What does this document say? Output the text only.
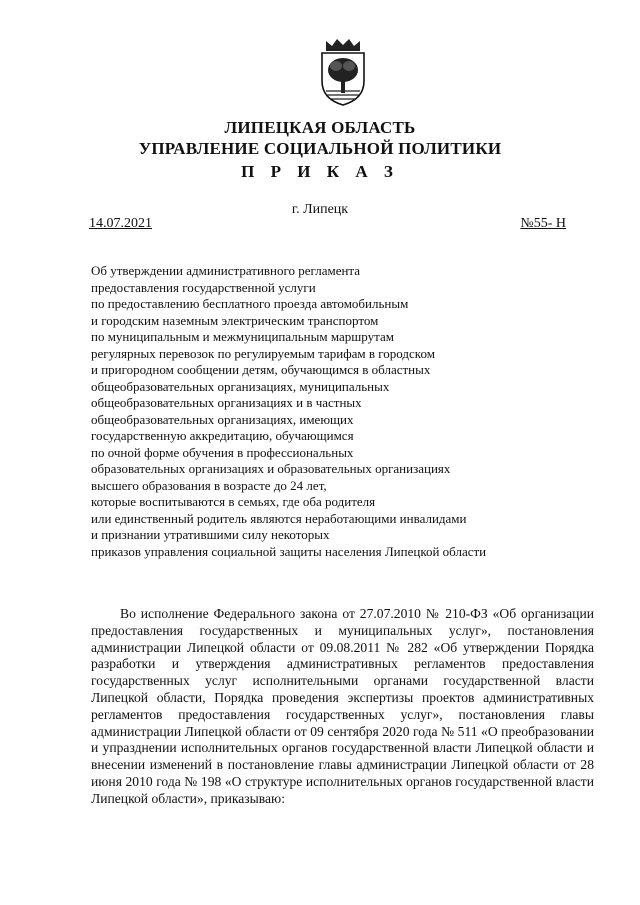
ЛИПЕЦКАЯ ОБЛАСТЬ
УПРАВЛЕНИЕ СОЦИАЛЬНОЙ ПОЛИТИКИ
П Р И К А З
г. Липецк
14.07.2021	№55- Н
Об утверждении административного регламента
предоставления государственной услуги
по предоставлению бесплатного проезда автомобильным
и городским наземным электрическим транспортом
по муниципальным и межмуниципальным маршрутам
регулярных перевозок по регулируемым тарифам в городском
и пригородном сообщении детям, обучающимся в областных
общеобразовательных организациях, муниципальных
общеобразовательных организациях и в частных
общеобразовательных организациях, имеющих
государственную аккредитацию, обучающимся
по очной форме обучения в профессиональных
образовательных организациях и образовательных организациях
высшего образования в возрасте до 24 лет,
которые воспитываются в семьях, где оба родителя
или единственный родитель являются неработающими инвалидами
и признании утратившими силу некоторых
приказов управления социальной защиты населения Липецкой области
Во исполнение Федерального закона от 27.07.2010 № 210-ФЗ «Об организации предоставления государственных и муниципальных услуг», постановления администрации Липецкой области от 09.08.2011 № 282 «Об утверждении Порядка разработки и утверждения административных регламентов предоставления государственных услуг исполнительными органами государственной власти Липецкой области, Порядка проведения экспертизы проектов административных регламентов предоставления государственных услуг», постановления главы администрации Липецкой области от 09 сентября 2020 года № 511 «О преобразовании и упразднении исполнительных органов государственной власти Липецкой области и внесении изменений в постановление главы администрации Липецкой области от 28 июня 2010 года № 198 «О структуре исполнительных органов государственной власти Липецкой области», приказываю:
